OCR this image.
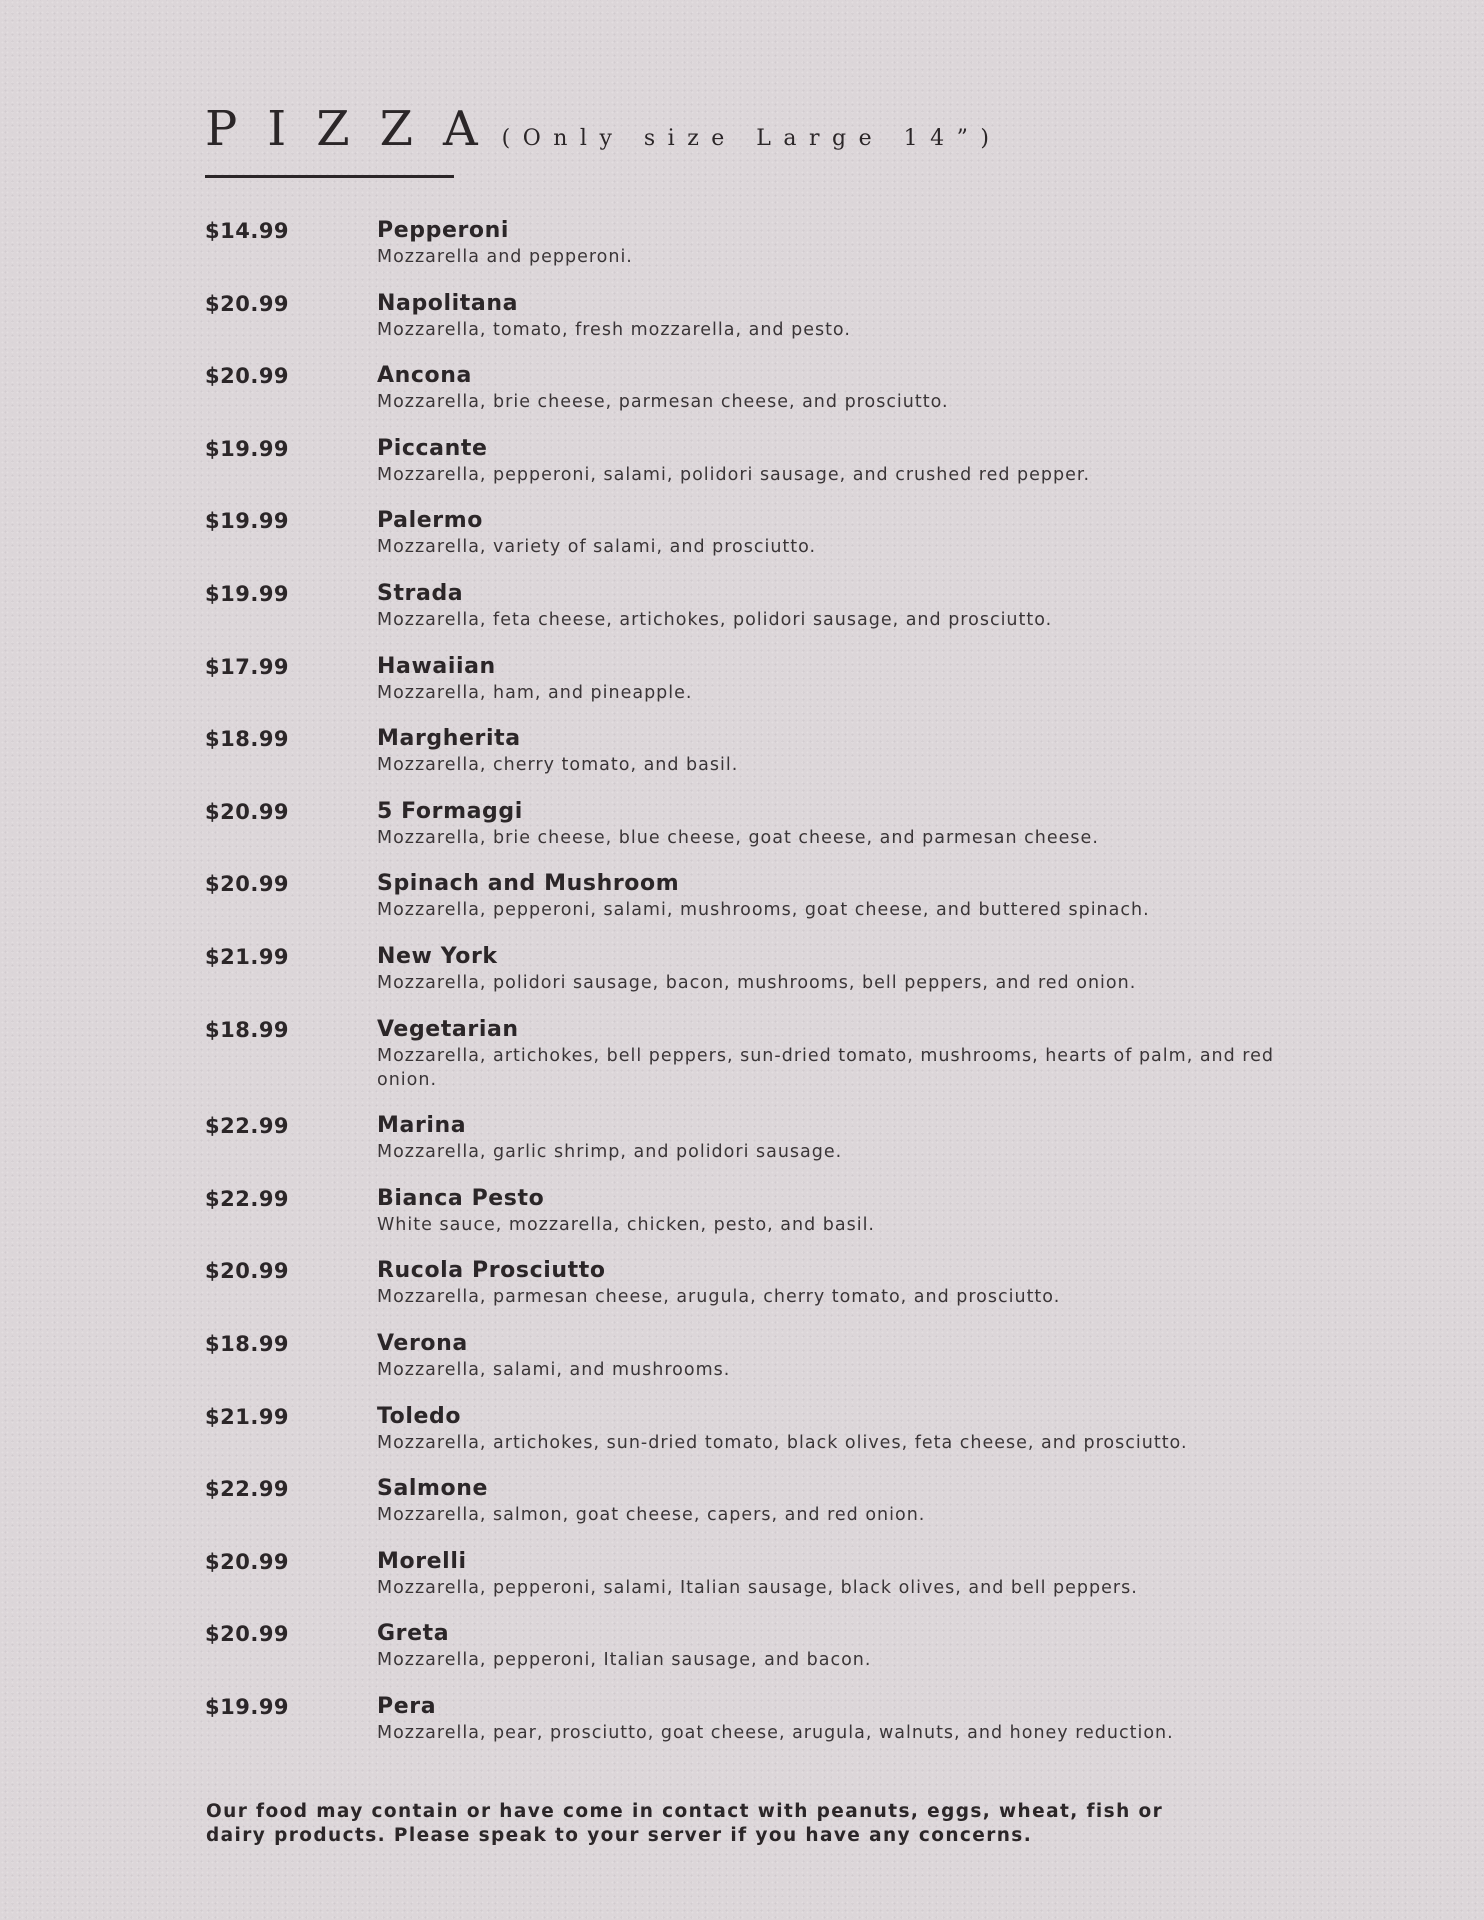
PIZZA
(Only size Large 14”)
$14.99	Pepperoni
Mozzarella and pepperoni.
$20.99	Napolitana
Mozzarella, tomato, fresh mozzarella, and pesto.
$20.99	Ancona
Mozzarella, brie cheese, parmesan cheese, and prosciutto.
$19.99	Piccante
Mozzarella, pepperoni, salami, polidori sausage, and crushed red pepper.
$19.99	Palermo
Mozzarella, variety of salami, and prosciutto.
$19.99	Strada
Mozzarella, feta cheese, artichokes, polidori sausage, and prosciutto.
$17.99	Hawaiian
Mozzarella, ham, and pineapple.
$18.99	Margherita
Mozzarella, cherry tomato, and basil.
$20.99	5 Formaggi
Mozzarella, brie cheese, blue cheese, goat cheese, and parmesan cheese.
$20.99	Spinach and Mushroom
Mozzarella, pepperoni, salami, mushrooms, goat cheese, and buttered spinach.
$21.99	New York
Mozzarella, polidori sausage, bacon, mushrooms, bell peppers, and red onion.
$18.99	Vegetarian
Mozzarella, artichokes, bell peppers, sun-dried tomato, mushrooms, hearts of palm, and red onion.
$22.99	Marina
Mozzarella, garlic shrimp, and polidori sausage.
$22.99	Bianca Pesto
White sauce, mozzarella, chicken, pesto, and basil.
$20.99	Rucola Prosciutto
Mozzarella, parmesan cheese, arugula, cherry tomato, and prosciutto.
$18.99	Verona
Mozzarella, salami, and mushrooms.
$21.99	Toledo
Mozzarella, artichokes, sun-dried tomato, black olives, feta cheese, and prosciutto.
$22.99	Salmone
Mozzarella, salmon, goat cheese, capers, and red onion.
$20.99	Morelli
Mozzarella, pepperoni, salami, Italian sausage, black olives, and bell peppers.
$20.99	Greta
Mozzarella, pepperoni, Italian sausage, and bacon.
$19.99	Pera
Mozzarella, pear, prosciutto, goat cheese, arugula, walnuts, and honey reduction.
Our food may contain or have come in contact with peanuts, eggs, wheat, fish or dairy products. Please speak to your server if you have any concerns.
